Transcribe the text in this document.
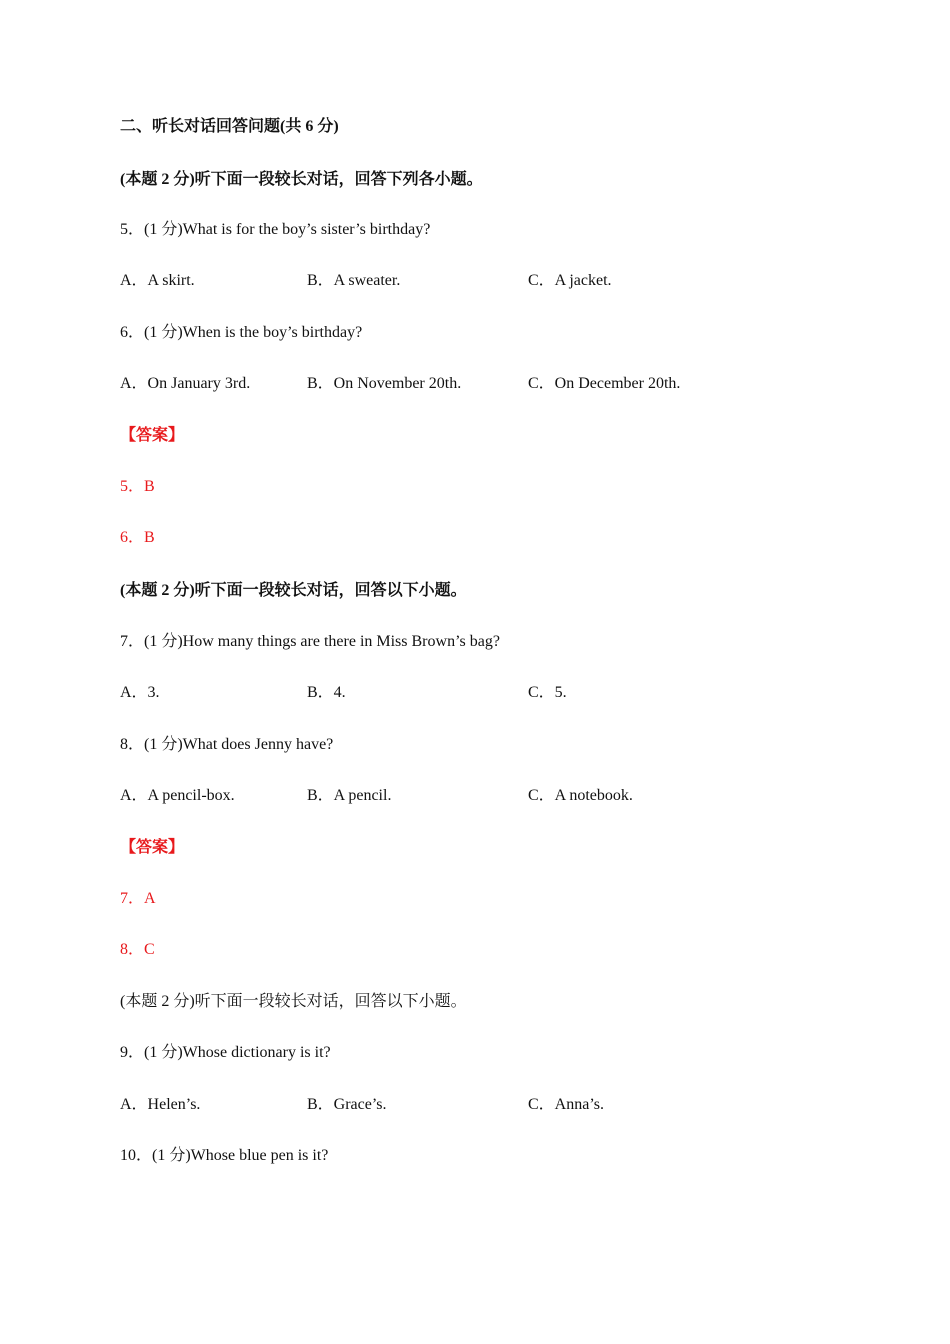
二、听长对话回答问题(共 6 分)
(本题 2 分)听下面一段较长对话，回答下列各小题。
5．(1 分)What is for the boy’s sister’s birthday?
A．A skirt.	B．A sweater.	C．A jacket.
6．(1 分)When is the boy’s birthday?
A．On January 3rd.	B．On November 20th.	C．On December 20th.
【答案】
5．B
6．B
(本题 2 分)听下面一段较长对话，回答以下小题。
7．(1 分)How many things are there in Miss Brown’s bag?
A．3.	B．4.	C．5.
8．(1 分)What does Jenny have?
A．A pencil-box.	B．A pencil.	C．A notebook.
【答案】
7．A
8．C
(本题 2 分)听下面一段较长对话，回答以下小题。
9．(1 分)Whose dictionary is it?
A．Helen’s.	B．Grace’s.	C．Anna’s.
10．(1 分)Whose blue pen is it?
